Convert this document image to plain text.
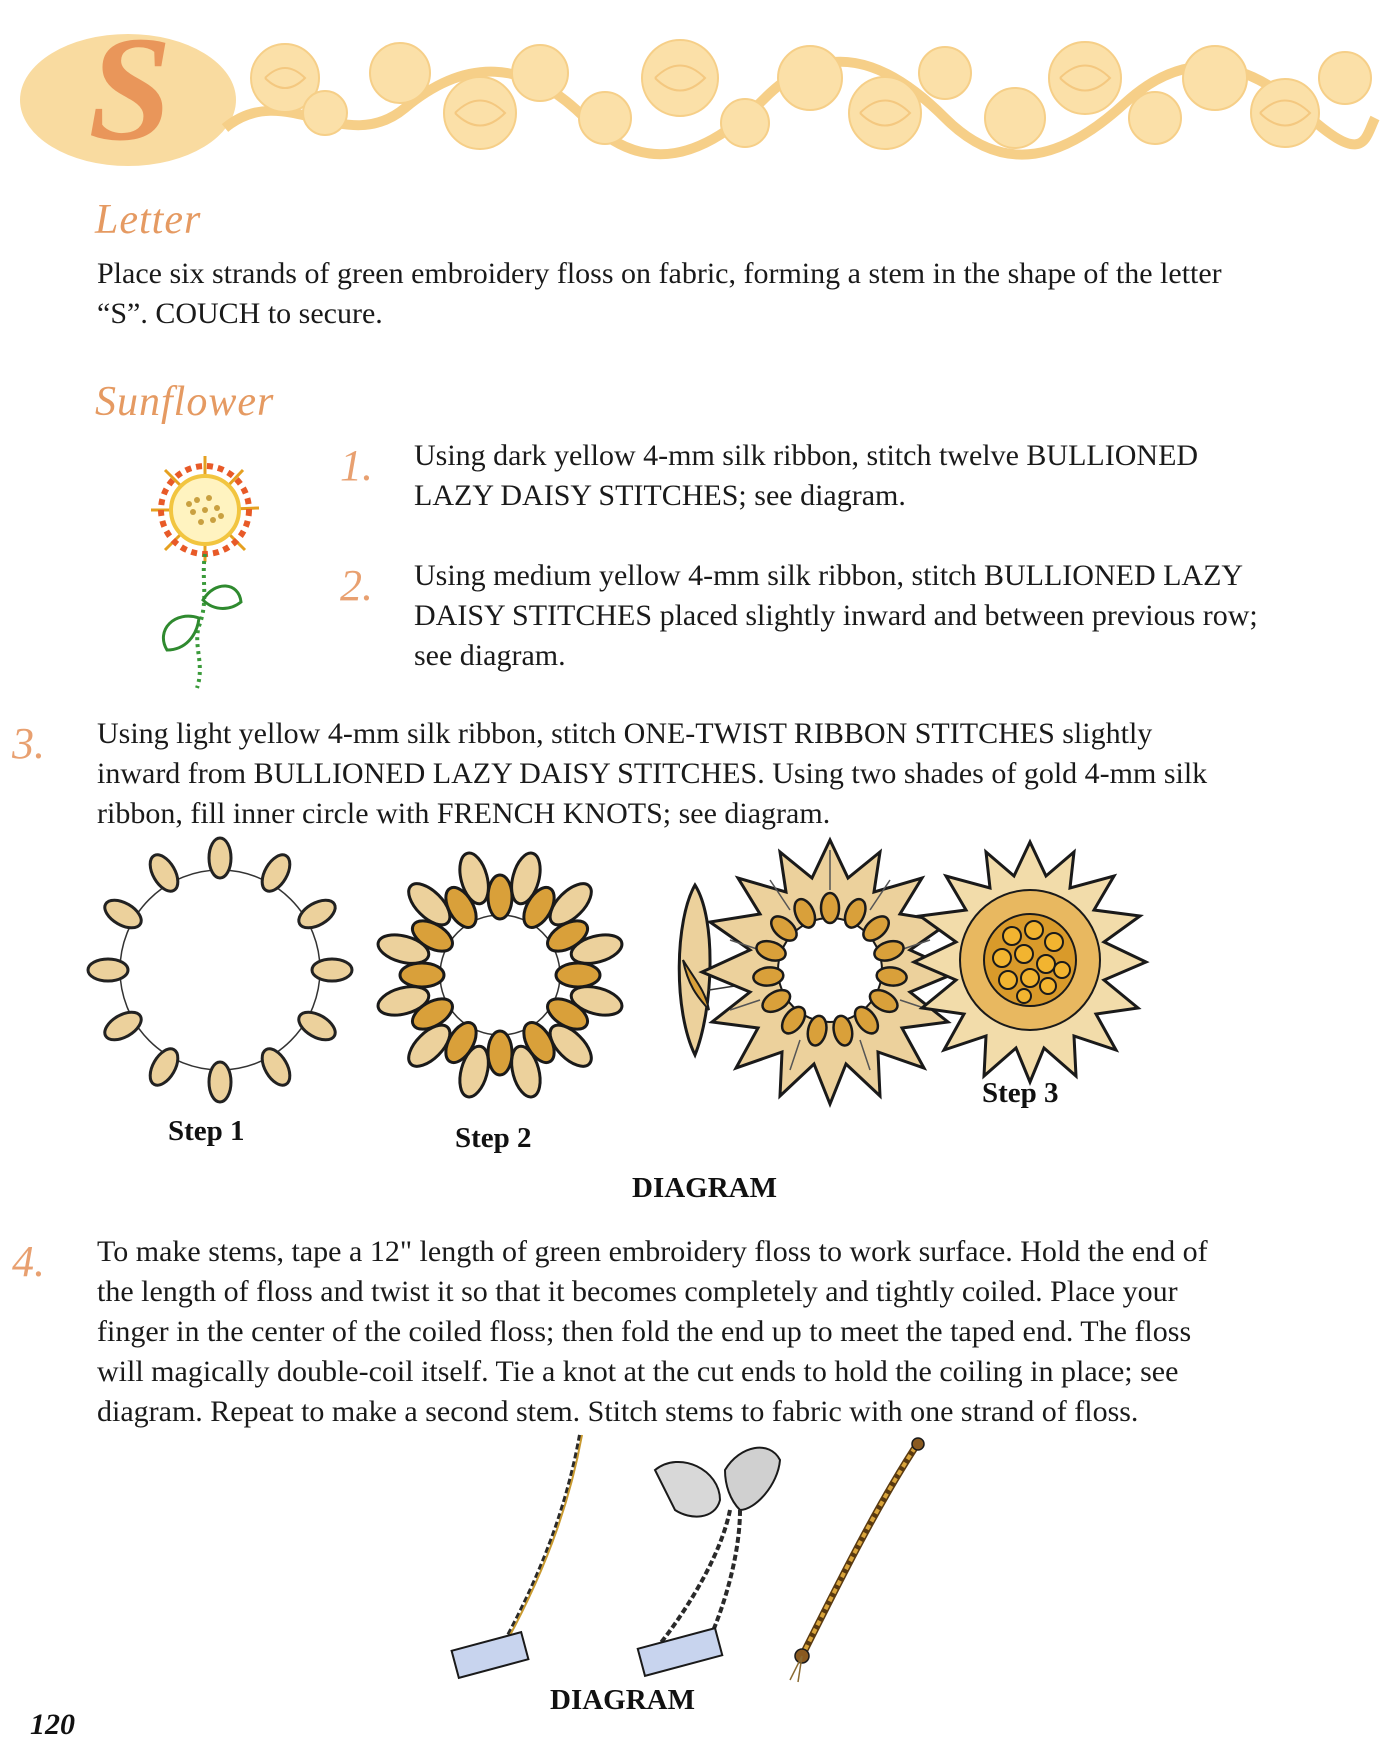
S
Letter
Place six strands of green embroidery floss on fabric, forming a stem in the shape of the letter
“S”. COUCH to secure.
Sunflower
1. Using dark yellow 4-mm silk ribbon, stitch twelve BULLIONED
LAZY DAISY STITCHES; see diagram.
2. Using medium yellow 4-mm silk ribbon, stitch BULLIONED LAZY
DAISY STITCHES placed slightly inward and between previous row;
see diagram.
3. Using light yellow 4-mm silk ribbon, stitch ONE-TWIST RIBBON STITCHES slightly
inward from BULLIONED LAZY DAISY STITCHES. Using two shades of gold 4-mm silk
ribbon, fill inner circle with FRENCH KNOTS; see diagram.
Step 1	Step 2
Step 3
DIAGRAM
4. To make stems, tape a 12" length of green embroidery floss to work surface. Hold the end of
the length of floss and twist it so that it becomes completely and tightly coiled. Place your
finger in the center of the coiled floss; then fold the end up to meet the taped end. The floss
will magically double-coil itself. Tie a knot at the cut ends to hold the coiling in place; see
diagram. Repeat to make a second stem. Stitch stems to fabric with one strand of floss.
DIAGRAM
120
